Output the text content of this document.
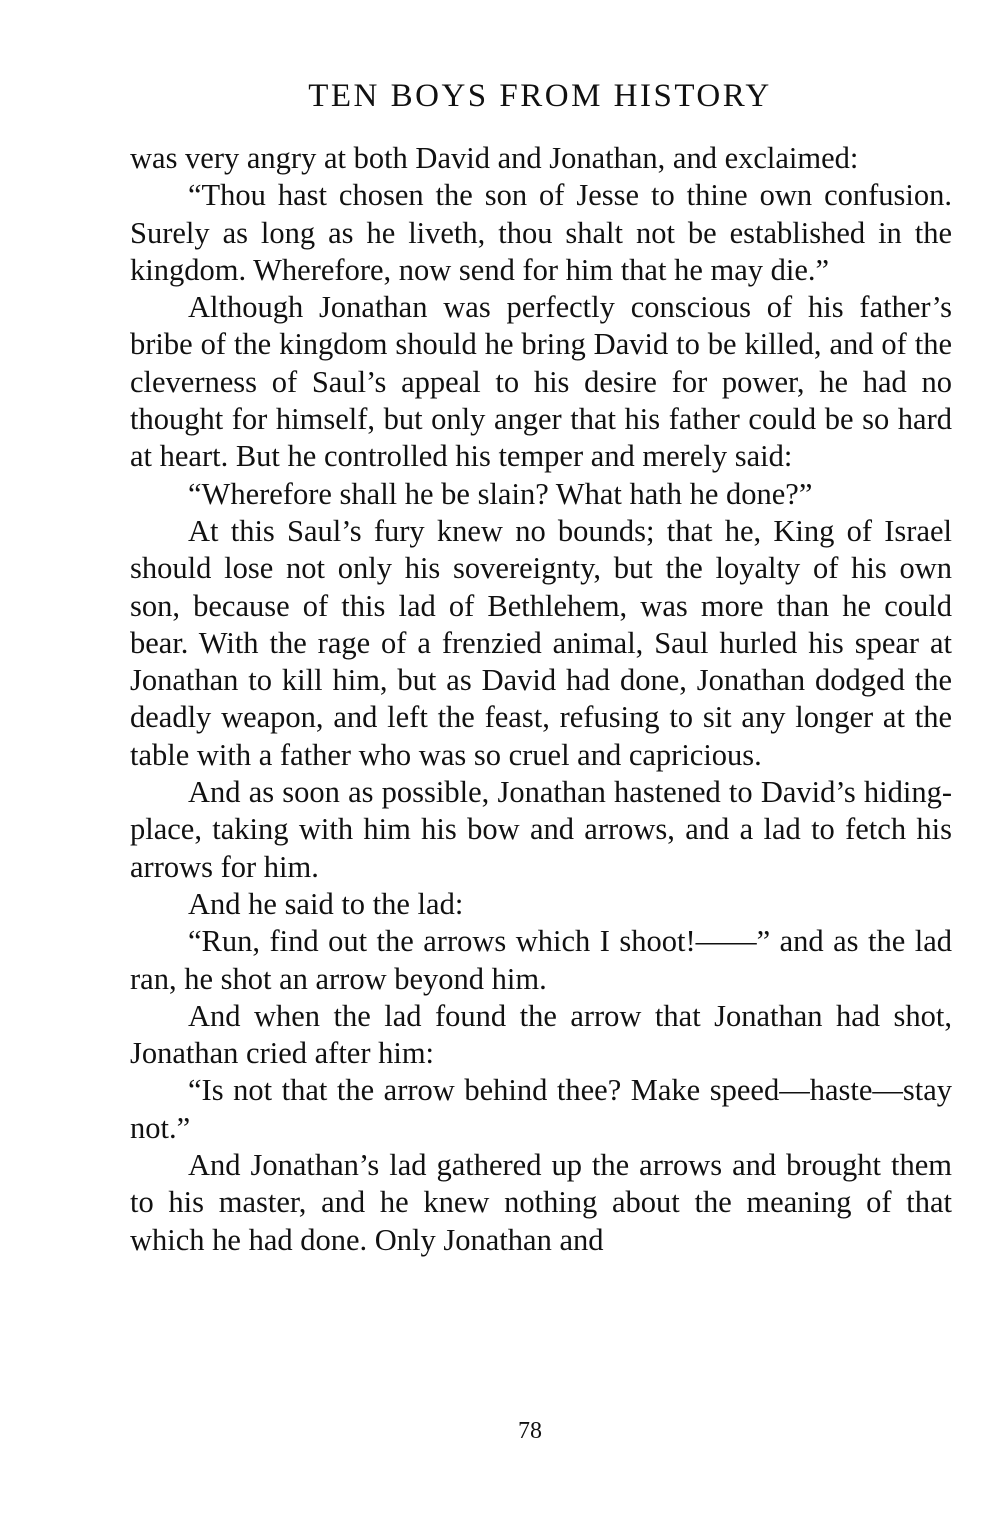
TEN BOYS FROM HISTORY

was very angry at both David and Jonathan, and exclaimed:

“Thou hast chosen the son of Jesse to thine own confusion. Surely as long as he liveth, thou shalt not be established in the kingdom. Wherefore, now send for him that he may die.”

Although Jonathan was perfectly conscious of his father’s bribe of the kingdom should he bring David to be killed, and of the cleverness of Saul’s appeal to his desire for power, he had no thought for himself, but only anger that his father could be so hard at heart. But he controlled his temper and merely said:

“Wherefore shall he be slain? What hath he done?”

At this Saul’s fury knew no bounds; that he, King of Israel should lose not only his sovereignty, but the loyalty of his own son, because of this lad of Bethlehem, was more than he could bear. With the rage of a frenzied animal, Saul hurled his spear at Jonathan to kill him, but as David had done, Jonathan dodged the deadly weapon, and left the feast, refusing to sit any longer at the table with a father who was so cruel and capricious.

And as soon as possible, Jonathan hastened to David’s hiding-place, taking with him his bow and arrows, and a lad to fetch his arrows for him.

And he said to the lad:

“Run, find out the arrows which I shoot!——” and as the lad ran, he shot an arrow beyond him.

And when the lad found the arrow that Jonathan had shot, Jonathan cried after him:

“Is not that the arrow behind thee? Make speed—haste—stay not.”

And Jonathan’s lad gathered up the arrows and brought them to his master, and he knew nothing about the meaning of that which he had done. Only Jonathan and

78
